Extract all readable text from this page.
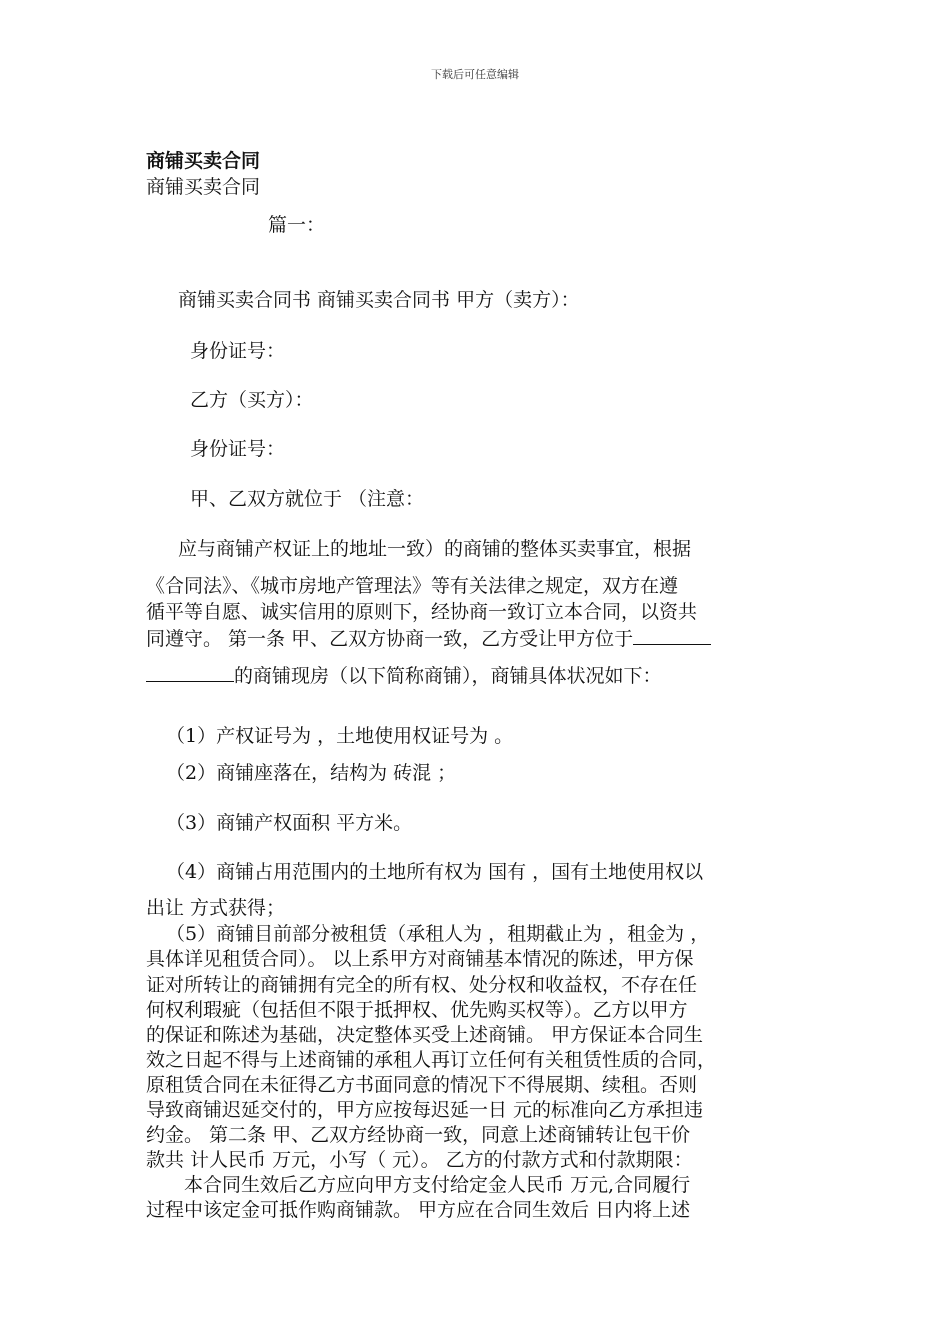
下载后可任意编辑
商铺买卖合同
商铺买卖合同
篇一：
商铺买卖合同书 商铺买卖合同书 甲方（卖方）：
身份证号：
乙方（买方）：
身份证号：
甲、乙双方就位于 （注意：
应与商铺产权证上的地址一致）的商铺的整体买卖事宜，根据
《合同法》、《城市房地产管理法》等有关法律之规定，双方在遵
循平等自愿、诚实信用的原则下，经协商一致订立本合同，以资共
同遵守。 第一条 甲、乙双方协商一致，乙方受让甲方位于
的商铺现房（以下简称商铺），商铺具体状况如下：
（1）产权证号为 ，土地使用权证号为 。
（2）商铺座落在，结构为 砖混 ；
（3）商铺产权面积 平方米。
（4）商铺占用范围内的土地所有权为 国有 ，国有土地使用权以
出让 方式获得；
（5）商铺目前部分被租赁（承租人为 ，租期截止为 ，租金为 ，
具体详见租赁合同）。 以上系甲方对商铺基本情况的陈述，甲方保
证对所转让的商铺拥有完全的所有权、处分权和收益权，不存在任
何权利瑕疵（包括但不限于抵押权、优先购买权等）。乙方以甲方
的保证和陈述为基础，决定整体买受上述商铺。 甲方保证本合同生
效之日起不得与上述商铺的承租人再订立任何有关租赁性质的合同，
原租赁合同在未征得乙方书面同意的情况下不得展期、续租。否则
导致商铺迟延交付的，甲方应按每迟延一日 元的标准向乙方承担违
约金。 第二条 甲、乙双方经协商一致，同意上述商铺转让包干价
款共 计人民币 万元，小写（ 元）。 乙方的付款方式和付款期限：
本合同生效后乙方应向甲方支付给定金人民币 万元,合同履行
过程中该定金可抵作购商铺款。 甲方应在合同生效后 日内将上述
